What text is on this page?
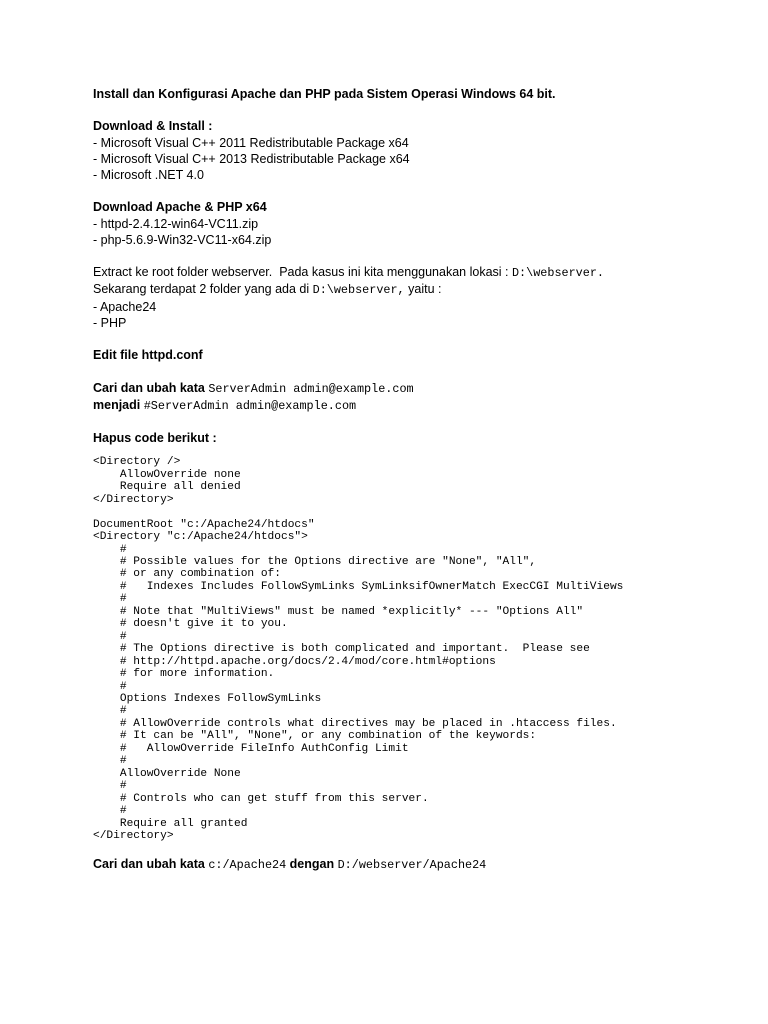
Install dan Konfigurasi Apache dan PHP pada Sistem Operasi Windows 64 bit.

Download & Install :

- Microsoft Visual C++ 2011 Redistributable Package x64

- Microsoft Visual C++ 2013 Redistributable Package x64

- Microsoft .NET 4.0

Download Apache & PHP x64

- httpd-2.4.12-win64-VC11.zip

- php-5.6.9-Win32-VC11-x64.zip

Extract ke root folder webserver.  Pada kasus ini kita menggunakan lokasi : D:\webserver.

Sekarang terdapat 2 folder yang ada di D:\webserver, yaitu :

- Apache24

- PHP

Edit file httpd.conf

Cari dan ubah kata ServerAdmin admin@example.com

menjadi #ServerAdmin admin@example.com

Hapus code berikut :

<Directory />

AllowOverride none

Require all denied

</Directory>

DocumentRoot "c:/Apache24/htdocs"

<Directory "c:/Apache24/htdocs">

#

# Possible values for the Options directive are "None", "All",

# or any combination of:

#   Indexes Includes FollowSymLinks SymLinksifOwnerMatch ExecCGI MultiViews

#

# Note that "MultiViews" must be named *explicitly* --- "Options All"

# doesn't give it to you.

#

# The Options directive is both complicated and important.  Please see

# http://httpd.apache.org/docs/2.4/mod/core.html#options

# for more information.

#

Options Indexes FollowSymLinks

#

# AllowOverride controls what directives may be placed in .htaccess files.

# It can be "All", "None", or any combination of the keywords:

#   AllowOverride FileInfo AuthConfig Limit

#

AllowOverride None

#

# Controls who can get stuff from this server.

#

Require all granted

</Directory>

Cari dan ubah kata c:/Apache24 dengan D:/webserver/Apache24
